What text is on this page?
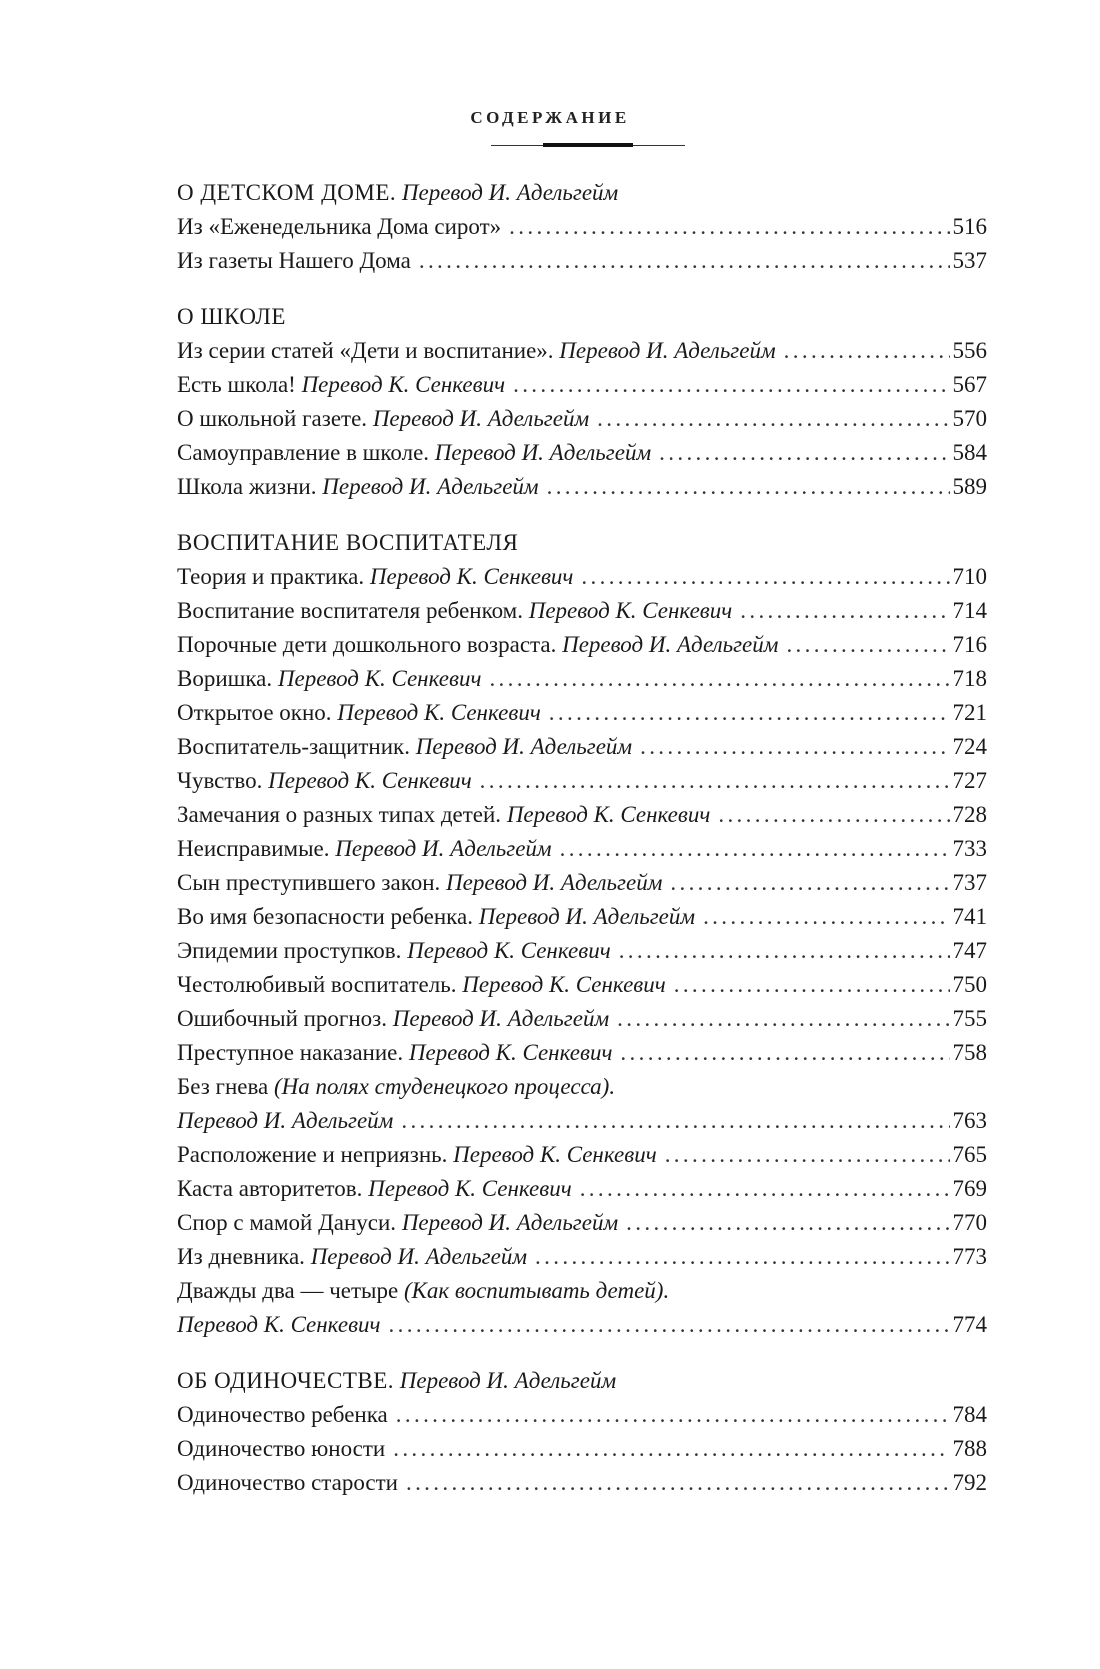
СОДЕРЖАНИЕ
О ДЕТСКОМ ДОМЕ. Перевод И. Адельгейм
Из «Еженедельника Дома сирот» . . .	516
Из газеты Нашего Дома . . .	537
О ШКОЛЕ
Из серии статей «Дети и воспитание». Перевод И. Адельгейм . . .	556
Есть школа! Перевод К. Сенкевич . . .	567
О школьной газете. Перевод И. Адельгейм . . .	570
Самоуправление в школе. Перевод И. Адельгейм . . .	584
Школа жизни. Перевод И. Адельгейм . . .	589
ВОСПИТАНИЕ ВОСПИТАТЕЛЯ
Теория и практика. Перевод К. Сенкевич . . .	710
Воспитание воспитателя ребенком. Перевод К. Сенкевич . . .	714
Порочные дети дошкольного возраста. Перевод И. Адельгейм . . .	716
Воришка. Перевод К. Сенкевич . . .	718
Открытое окно. Перевод К. Сенкевич . . .	721
Воспитатель-защитник. Перевод И. Адельгейм . . .	724
Чувство. Перевод К. Сенкевич . . .	727
Замечания о разных типах детей. Перевод К. Сенкевич . . .	728
Неисправимые. Перевод И. Адельгейм . . .	733
Сын преступившего закон. Перевод И. Адельгейм . . .	737
Во имя безопасности ребенка. Перевод И. Адельгейм . . .	741
Эпидемии проступков. Перевод К. Сенкевич . . .	747
Честолюбивый воспитатель. Перевод К. Сенкевич . . .	750
Ошибочный прогноз. Перевод И. Адельгейм . . .	755
Преступное наказание. Перевод К. Сенкевич . . .	758
Без гнева (На полях студенецкого процесса).
Перевод И. Адельгейм . . .	763
Расположение и неприязнь. Перевод К. Сенкевич . . .	765
Каста авторитетов. Перевод К. Сенкевич . . .	769
Спор с мамой Дануси. Перевод И. Адельгейм . . .	770
Из дневника. Перевод И. Адельгейм . . .	773
Дважды два — четыре (Как воспитывать детей).
Перевод К. Сенкевич . . .	774
ОБ ОДИНОЧЕСТВЕ. Перевод И. Адельгейм
Одиночество ребенка . . .	784
Одиночество юности . . .	788
Одиночество старости . . .	792
